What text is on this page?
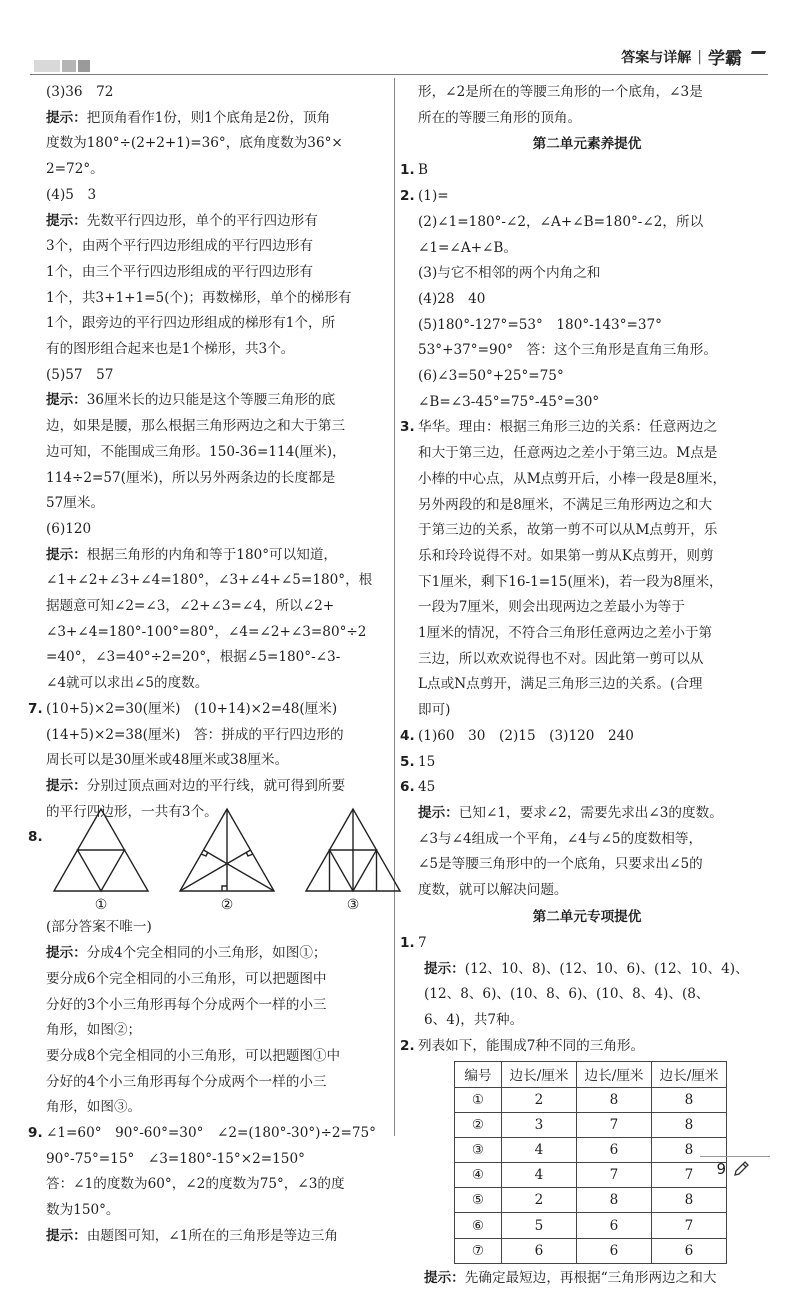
答案与详解 | 学霸
(3)36　72
提示：把顶角看作1份，则1个底角是2份，顶角
度数为180°÷(2+2+1)=36°，底角度数为36°×
2=72°。
(4)5　3
提示：先数平行四边形，单个的平行四边形有
3个，由两个平行四边形组成的平行四边形有
1个，由三个平行四边形组成的平行四边形有
1个，共3+1+1=5(个)；再数梯形，单个的梯形有
1个，跟旁边的平行四边形组成的梯形有1个，所
有的图形组合起来也是1个梯形，共3个。
(5)57　57
提示：36厘米长的边只能是这个等腰三角形的底
边，如果是腰，那么根据三角形两边之和大于第三
边可知，不能围成三角形。150-36=114(厘米)，
114÷2=57(厘米)，所以另外两条边的长度都是
57厘米。
(6)120
提示：根据三角形的内角和等于180°可以知道，
∠1+∠2+∠3+∠4=180°，∠3+∠4+∠5=180°，根
据题意可知∠2=∠3，∠2+∠3=∠4，所以∠2+
∠3+∠4=180°-100°=80°，∠4=∠2+∠3=80°÷2
=40°，∠3=40°÷2=20°，根据∠5=180°-∠3-
∠4就可以求出∠5的度数。
7. (10+5)×2=30(厘米)　(10+14)×2=48(厘米)
(14+5)×2=38(厘米)　答：拼成的平行四边形的
周长可以是30厘米或48厘米或38厘米。
提示：分别过顶点画对边的平行线，就可得到所要
的平行四边形，一共有3个。
8.
①	②	③
(部分答案不唯一)
提示：分成4个完全相同的小三角形，如图①；
要分成6个完全相同的小三角形，可以把题图中
分好的3个小三角形再每个分成两个一样的小三
角形，如图②；
要分成8个完全相同的小三角形，可以把题图①中
分好的4个小三角形再每个分成两个一样的小三
角形，如图③。
9. ∠1=60°　90°-60°=30°　∠2=(180°-30°)÷2=75°
90°-75°=15°　∠3=180°-15°×2=150°
答：∠1的度数为60°，∠2的度数为75°，∠3的度
数为150°。
提示：由题图可知，∠1所在的三角形是等边三角
形，∠2是所在的等腰三角形的一个底角，∠3是
所在的等腰三角形的顶角。
第二单元素养提优
1. B
2. (1)=
(2)∠1=180°-∠2，∠A+∠B=180°-∠2，所以
∠1=∠A+∠B。
(3)与它不相邻的两个内角之和
(4)28　40
(5)180°-127°=53°　180°-143°=37°
53°+37°=90°　答：这个三角形是直角三角形。
(6)∠3=50°+25°=75°
∠B=∠3-45°=75°-45°=30°
3. 华华。理由：根据三角形三边的关系：任意两边之
和大于第三边，任意两边之差小于第三边。M点是
小棒的中心点，从M点剪开后，小棒一段是8厘米，
另外两段的和是8厘米，不满足三角形两边之和大
于第三边的关系，故第一剪不可以从M点剪开，乐
乐和玲玲说得不对。如果第一剪从K点剪开，则剪
下1厘米，剩下16-1=15(厘米)，若一段为8厘米，
一段为7厘米，则会出现两边之差最小为等于
1厘米的情况，不符合三角形任意两边之差小于第
三边，所以欢欢说得也不对。因此第一剪可以从
L点或N点剪开，满足三角形三边的关系。(合理
即可)
4. (1)60　30　(2)15　(3)120　240
5. 15
6. 45
提示：已知∠1，要求∠2，需要先求出∠3的度数。
∠3与∠4组成一个平角，∠4与∠5的度数相等，
∠5是等腰三角形中的一个底角，只要求出∠5的
度数，就可以解决问题。
第二单元专项提优
1. 7
提示：(12、10、8)、(12、10、6)、(12、10、4)、
(12、8、6)、(10、8、6)、(10、8、4)、(8、
6、4)，共7种。
2. 列表如下，能围成7种不同的三角形。
编号	边长/厘米	边长/厘米	边长/厘米
①	2	8	8
②	3	7	8
③	4	6	8
④	4	7	7
⑤	2	8	8
⑥	5	6	7
⑦	6	6	6
提示：先确定最短边，再根据“三角形两边之和大
9
